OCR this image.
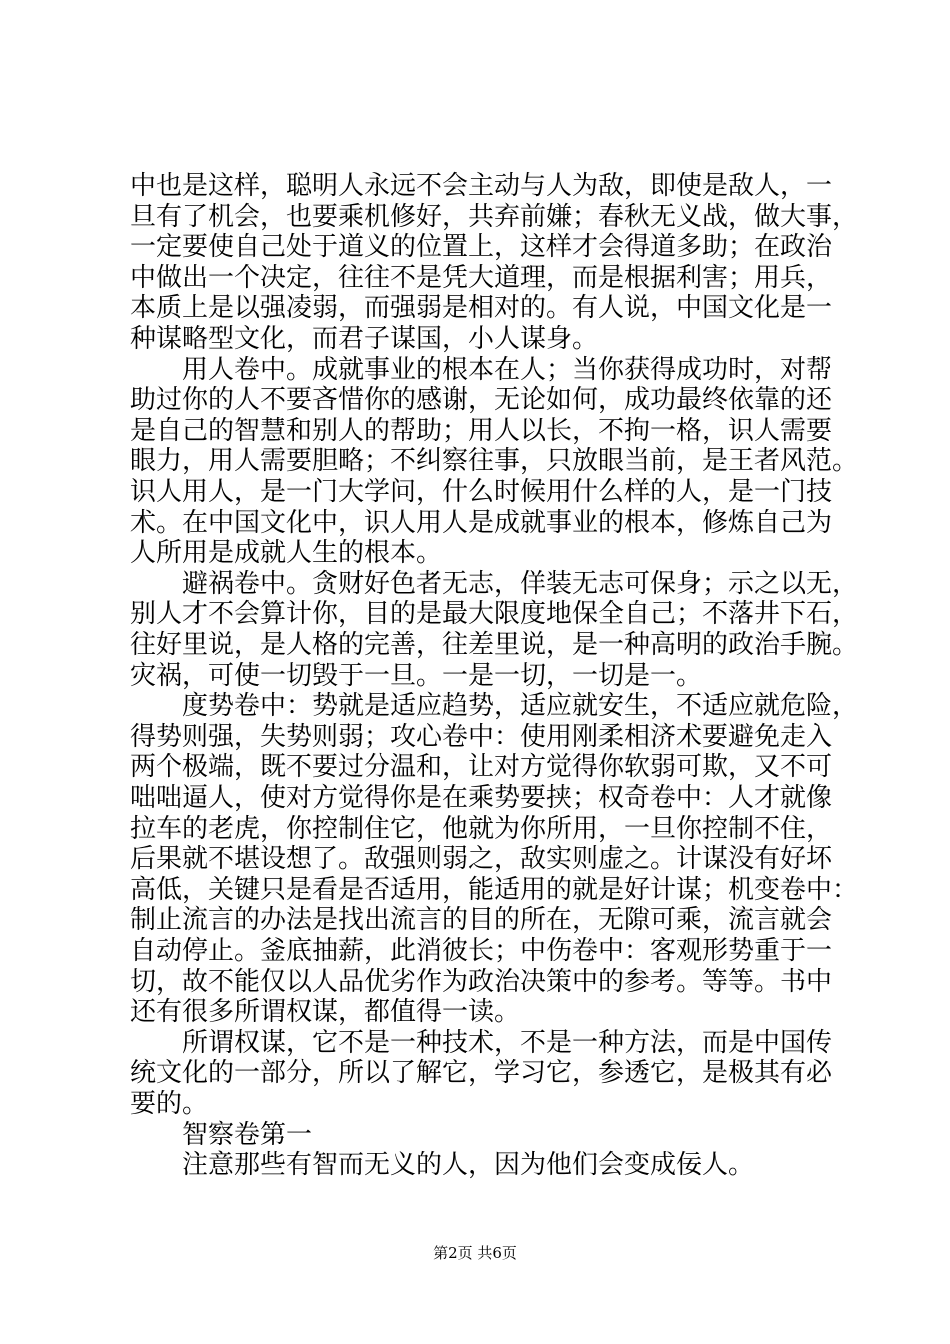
中也是这样，聪明人永远不会主动与人为敌，即使是敌人，一
旦有了机会，也要乘机修好，共弃前嫌；春秋无义战，做大事，
一定要使自己处于道义的位置上，这样才会得道多助；在政治
中做出一个决定，往往不是凭大道理，而是根据利害；用兵，
本质上是以强凌弱，而强弱是相对的。有人说，中国文化是一
种谋略型文化，而君子谋国，小人谋身。
用人卷中。成就事业的根本在人；当你获得成功时，对帮
助过你的人不要吝惜你的感谢，无论如何，成功最终依靠的还
是自己的智慧和别人的帮助；用人以长，不拘一格，识人需要
眼力，用人需要胆略；不纠察往事，只放眼当前，是王者风范。
识人用人，是一门大学问，什么时候用什么样的人，是一门技
术。在中国文化中，识人用人是成就事业的根本，修炼自己为
人所用是成就人生的根本。
避祸卷中。贪财好色者无志，佯装无志可保身；示之以无，
别人才不会算计你，目的是最大限度地保全自己；不落井下石，
往好里说，是人格的完善，往差里说，是一种高明的政治手腕。
灾祸，可使一切毁于一旦。一是一切，一切是一。
度势卷中：势就是适应趋势，适应就安生，不适应就危险，
得势则强，失势则弱；攻心卷中：使用刚柔相济术要避免走入
两个极端，既不要过分温和，让对方觉得你软弱可欺，又不可
咄咄逼人，使对方觉得你是在乘势要挟；权奇卷中：人才就像
拉车的老虎，你控制住它，他就为你所用，一旦你控制不住，
后果就不堪设想了。敌强则弱之，敌实则虚之。计谋没有好坏
高低，关键只是看是否适用，能适用的就是好计谋；机变卷中：
制止流言的办法是找出流言的目的所在，无隙可乘，流言就会
自动停止。釜底抽薪，此消彼长；中伤卷中：客观形势重于一
切，故不能仅以人品优劣作为政治决策中的参考。等等。书中
还有很多所谓权谋，都值得一读。
所谓权谋，它不是一种技术，不是一种方法，而是中国传
统文化的一部分，所以了解它，学习它，参透它，是极其有必
要的。
智察卷第一
注意那些有智而无义的人，因为他们会变成佞人。
第2页 共6页
